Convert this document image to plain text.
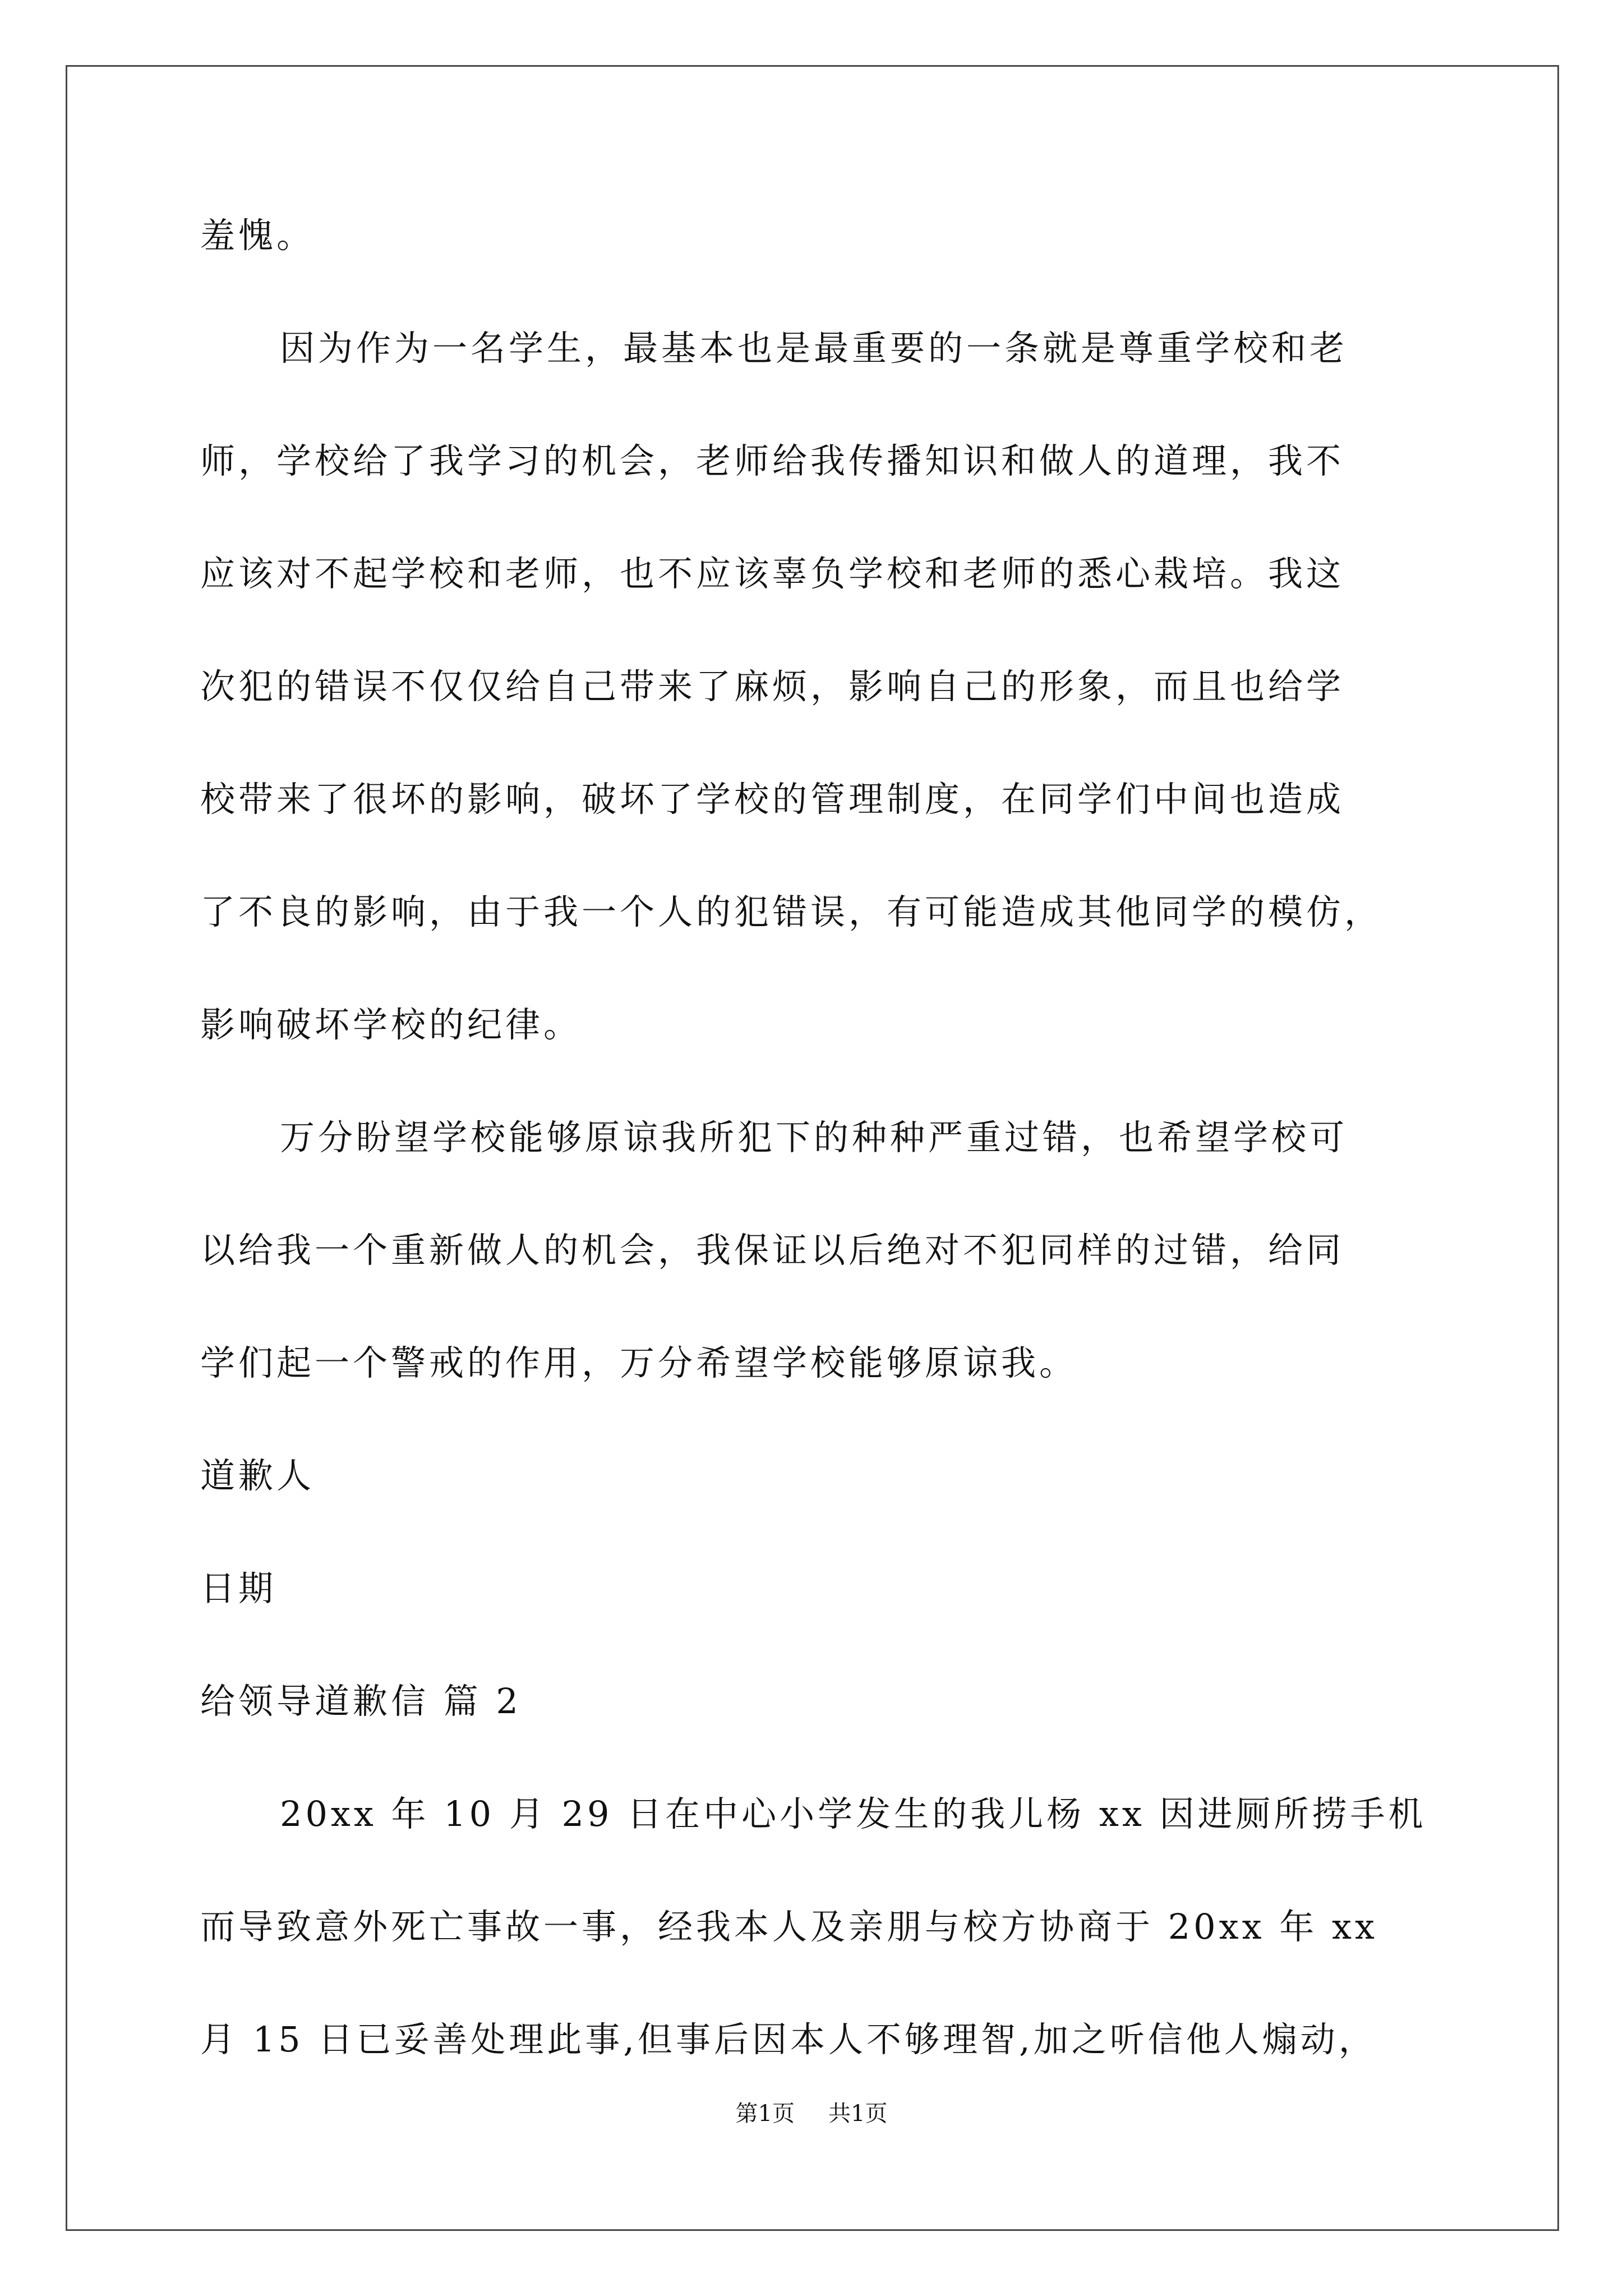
羞愧。
因为作为一名学生，最基本也是最重要的一条就是尊重学校和老
师，学校给了我学习的机会，老师给我传播知识和做人的道理，我不
应该对不起学校和老师，也不应该辜负学校和老师的悉心栽培。我这
次犯的错误不仅仅给自己带来了麻烦，影响自己的形象，而且也给学
校带来了很坏的影响，破坏了学校的管理制度，在同学们中间也造成
了不良的影响，由于我一个人的犯错误，有可能造成其他同学的模仿，
影响破坏学校的纪律。
万分盼望学校能够原谅我所犯下的种种严重过错，也希望学校可
以给我一个重新做人的机会，我保证以后绝对不犯同样的过错，给同
学们起一个警戒的作用，万分希望学校能够原谅我。
道歉人
日期
给领导道歉信 篇 2
20xx 年 10 月 29 日在中心小学发生的我儿杨 xx 因进厕所捞手机
而导致意外死亡事故一事，经我本人及亲朋与校方协商于 20xx 年 xx
月 15 日已妥善处理此事,但事后因本人不够理智,加之听信他人煽动，
第1页 共1页
